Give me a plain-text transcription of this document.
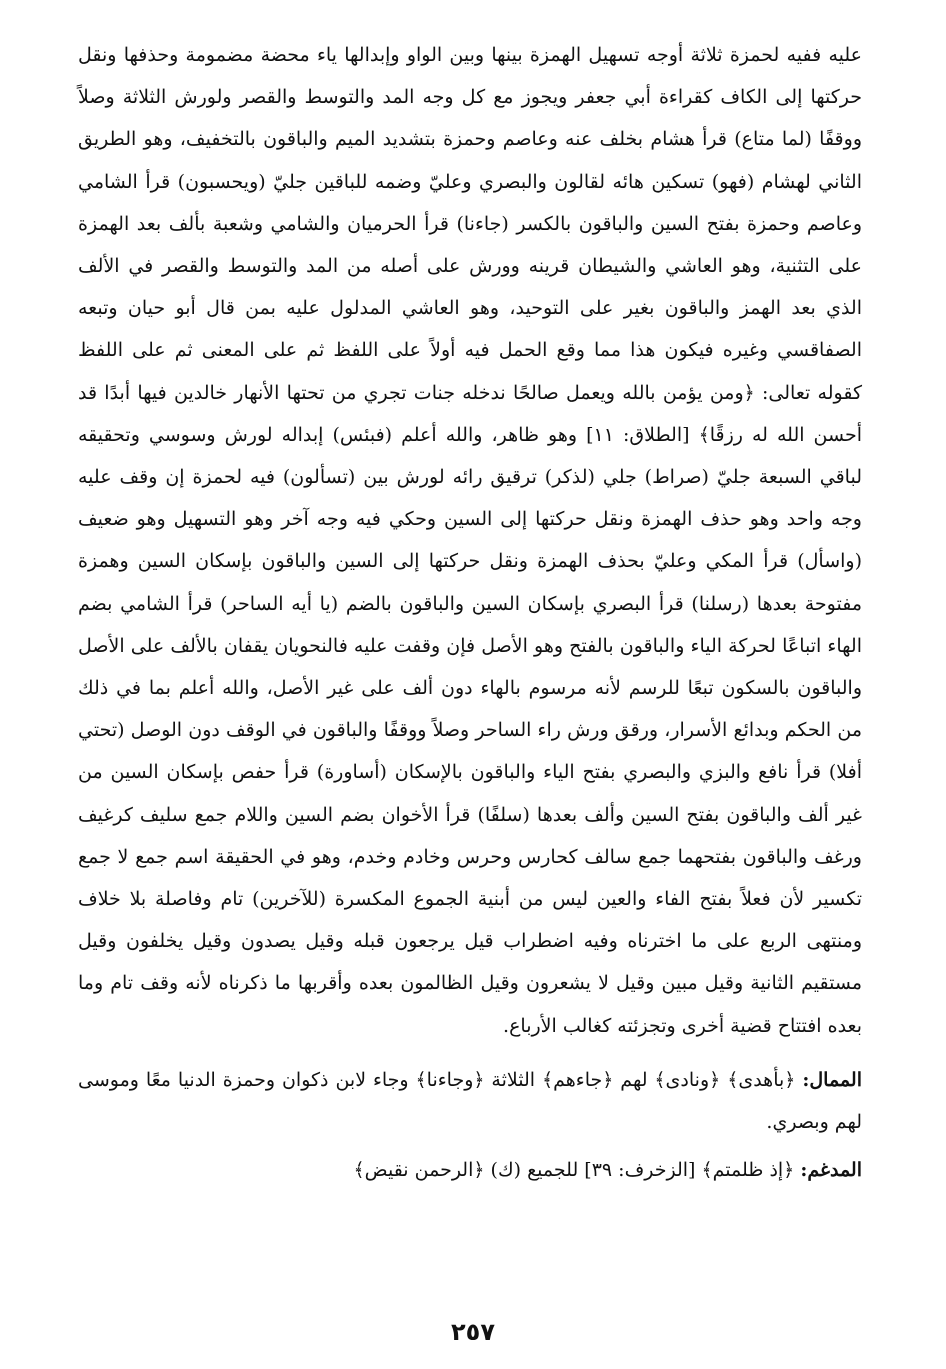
عليه ففيه لحمزة ثلاثة أوجه تسهيل الهمزة بينها وبين الواو وإبدالها ياء محضة مضمومة وحذفها ونقل حركتها إلى الكاف كقراءة أبي جعفر ويجوز مع كل وجه المد والتوسط والقصر ولورش الثلاثة وصلاً ووقفًا (لما متاع) قرأ هشام بخلف عنه وعاصم وحمزة بتشديد الميم والباقون بالتخفيف، وهو الطريق الثاني لهشام (فهو) تسكين هائه لقالون والبصري وعليّ وضمه للباقين جليّ (ويحسبون) قرأ الشامي وعاصم وحمزة بفتح السين والباقون بالكسر (جاءنا) قرأ الحرميان والشامي وشعبة بألف بعد الهمزة على التثنية، وهو العاشي والشيطان قرينه وورش على أصله من المد والتوسط والقصر في الألف الذي بعد الهمز والباقون بغير على التوحيد، وهو العاشي المدلول عليه بمن قال أبو حيان وتبعه الصفاقسي وغيره فيكون هذا مما وقع الحمل فيه أولاً على اللفظ ثم على المعنى ثم على اللفظ كقوله تعالى: ﴿ومن يؤمن بالله ويعمل صالحًا ندخله جنات تجري من تحتها الأنهار خالدين فيها أبدًا قد أحسن الله له رزقًا﴾ [الطلاق: ١١] وهو ظاهر، والله أعلم (فبئس) إبداله لورش وسوسي وتحقيقه لباقي السبعة جليّ (صراط) جلي (لذكر) ترقيق رائه لورش بين (تسألون) فيه لحمزة إن وقف عليه وجه واحد وهو حذف الهمزة ونقل حركتها إلى السين وحكي فيه وجه آخر وهو التسهيل وهو ضعيف (واسأل) قرأ المكي وعليّ بحذف الهمزة ونقل حركتها إلى السين والباقون بإسكان السين وهمزة مفتوحة بعدها (رسلنا) قرأ البصري بإسكان السين والباقون بالضم (يا أيه الساحر) قرأ الشامي بضم الهاء اتباعًا لحركة الياء والباقون بالفتح وهو الأصل فإن وقفت عليه فالنحويان يقفان بالألف على الأصل والباقون بالسكون تبعًا للرسم لأنه مرسوم بالهاء دون ألف على غير الأصل، والله أعلم بما في ذلك من الحكم وبدائع الأسرار، ورقق ورش راء الساحر وصلاً ووقفًا والباقون في الوقف دون الوصل (تحتي أفلا) قرأ نافع والبزي والبصري بفتح الياء والباقون بالإسكان (أساورة) قرأ حفص بإسكان السين من غير ألف والباقون بفتح السين وألف بعدها (سلفًا) قرأ الأخوان بضم السين واللام جمع سليف كرغيف ورغف والباقون بفتحهما جمع سالف كحارس وحرس وخادم وخدم، وهو في الحقيقة اسم جمع لا جمع تكسير لأن فعلاً بفتح الفاء والعين ليس من أبنية الجموع المكسرة (للآخرين) تام وفاصلة بلا خلاف ومنتهى الربع على ما اخترناه وفيه اضطراب قيل يرجعون قبله وقيل يصدون وقيل يخلفون وقيل مستقيم الثانية وقيل مبين وقيل لا يشعرون وقيل الظالمون بعده وأقربها ما ذكرناه لأنه وقف تام وما بعده افتتاح قضية أخرى وتجزئته كغالب الأرباع.

الممال: ﴿بأهدى﴾ ﴿ونادى﴾ لهم ﴿جاءهم﴾ الثلاثة ﴿وجاءنا﴾ وجاء لابن ذكوان وحمزة الدنيا معًا وموسى لهم وبصري.

المدغم: ﴿إذ ظلمتم﴾ [الزخرف: ٣٩] للجميع (ك) ﴿الرحمن نقيض﴾

٢٥٧
